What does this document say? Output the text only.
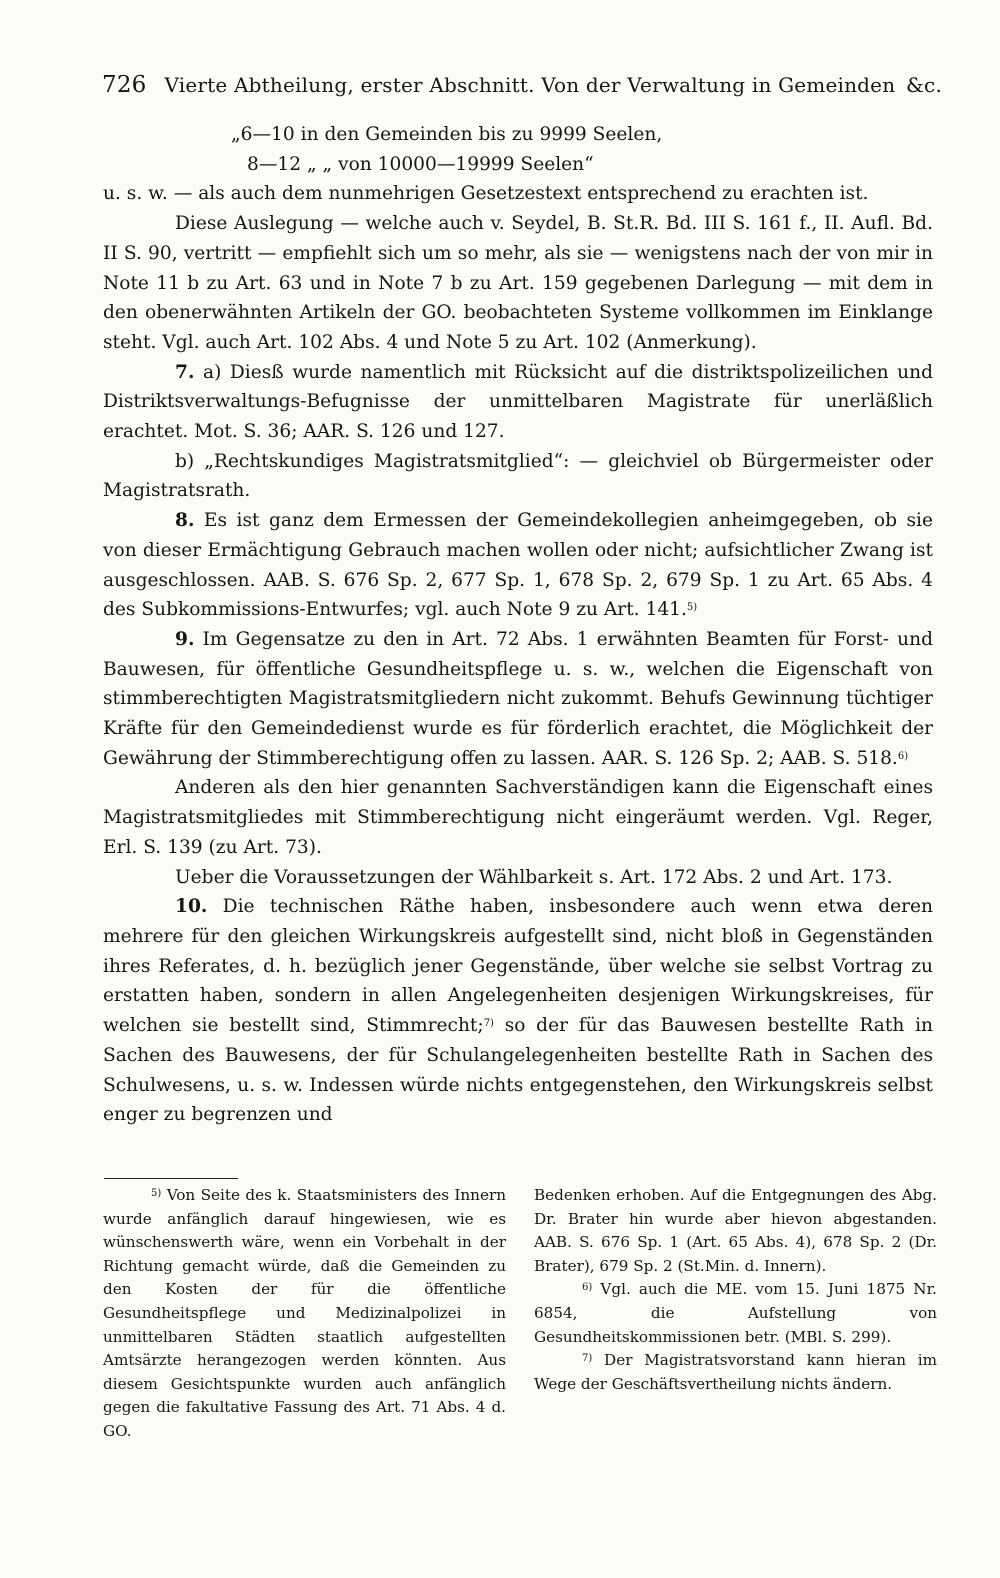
726 Vierte Abtheilung, erster Abschnitt. Von der Verwaltung in Gemeinden  &c.

„6—10 in den Gemeinden bis zu 9999 Seelen,

8—12 „ „ von 10000—19999 Seelen“

u. s. w. — als auch dem nunmehrigen Gesetzestext entsprechend zu erachten ist.

Diese Auslegung — welche auch v. Seydel, B. St.R. Bd. III S. 161 f., II. Aufl. Bd. II S. 90, vertritt — empfiehlt sich um so mehr, als sie — wenigstens nach der von mir in Note 11 b zu Art. 63 und in Note 7 b zu Art. 159 gegebenen Darlegung — mit dem in den obenerwähnten Artikeln der GO. beobachteten Systeme vollkommen im Einklange steht. Vgl. auch Art. 102 Abs. 4 und Note 5 zu Art. 102 (Anmerkung).

7. a) Diesß wurde namentlich mit Rücksicht auf die distriktspolizeilichen und Distriktsverwaltungs-Befugnisse der unmittelbaren Magistrate für unerläßlich erachtet. Mot. S. 36; AAR. S. 126 und 127.

b) „Rechtskundiges Magistratsmitglied“: — gleichviel ob Bürgermeister oder Magistratsrath.

8. Es ist ganz dem Ermessen der Gemeindekollegien anheimgegeben, ob sie von dieser Ermächtigung Gebrauch machen wollen oder nicht; aufsichtlicher Zwang ist ausgeschlossen. AAB. S. 676 Sp. 2, 677 Sp. 1, 678 Sp. 2, 679 Sp. 1 zu Art. 65 Abs. 4 des Subkommissions-Entwurfes; vgl. auch Note 9 zu Art. 141.$^{5)}$

9. Im Gegensatze zu den in Art. 72 Abs. 1 erwähnten Beamten für Forst- und Bauwesen, für öffentliche Gesundheitspflege u. s. w., welchen die Eigenschaft von stimmberechtigten Magistratsmitgliedern nicht zukommt. Behufs Gewinnung tüchtiger Kräfte für den Gemeindedienst wurde es für förderlich erachtet, die Möglichkeit der Gewährung der Stimmberechtigung offen zu lassen. AAR. S. 126 Sp. 2; AAB. S. 518.$^{6)}$

Anderen als den hier genannten Sachverständigen kann die Eigenschaft eines Magistratsmitgliedes mit Stimmberechtigung nicht eingeräumt werden. Vgl. Reger, Erl. S. 139 (zu Art. 73).

Ueber die Voraussetzungen der Wählbarkeit s. Art. 172 Abs. 2 und Art. 173.

10. Die technischen Räthe haben, insbesondere auch wenn etwa deren mehrere für den gleichen Wirkungskreis aufgestellt sind, nicht bloß in Gegenständen ihres Referates, d. h. bezüglich jener Gegenstände, über welche sie selbst Vortrag zu erstatten haben, sondern in allen Angelegenheiten desjenigen Wirkungskreises, für welchen sie bestellt sind, Stimmrecht;$^{7)}$ so der für das Bauwesen bestellte Rath in Sachen des Bauwesens, der für Schulangelegenheiten bestellte Rath in Sachen des Schulwesens, u. s. w. Indessen würde nichts entgegenstehen, den Wirkungskreis selbst enger zu begrenzen und

$^{5)}$ Von Seite des k. Staatsministers des Innern wurde anfänglich darauf hingewiesen, wie es wünschenswerth wäre, wenn ein Vorbehalt in der Richtung gemacht würde, daß die Gemeinden zu den Kosten der für die öffentliche Gesundheitspflege und Medizinalpolizei in unmittelbaren Städten staatlich aufgestellten Amtsärzte herangezogen werden könnten. Aus diesem Gesichtspunkte wurden auch anfänglich gegen die fakultative Fassung des Art. 71 Abs. 4 d. GO.

Bedenken erhoben. Auf die Entgegnungen des Abg. Dr. Brater hin wurde aber hievon abgestanden. AAB. S. 676 Sp. 1 (Art. 65 Abs. 4), 678 Sp. 2 (Dr. Brater), 679 Sp. 2 (St.Min. d. Innern).

$^{6)}$ Vgl. auch die ME. vom 15. Juni 1875 Nr. 6854, die Aufstellung von Gesundheitskommissionen betr. (MBl. S. 299).

$^{7)}$ Der Magistratsvorstand kann hieran im Wege der Geschäftsvertheilung nichts ändern.
